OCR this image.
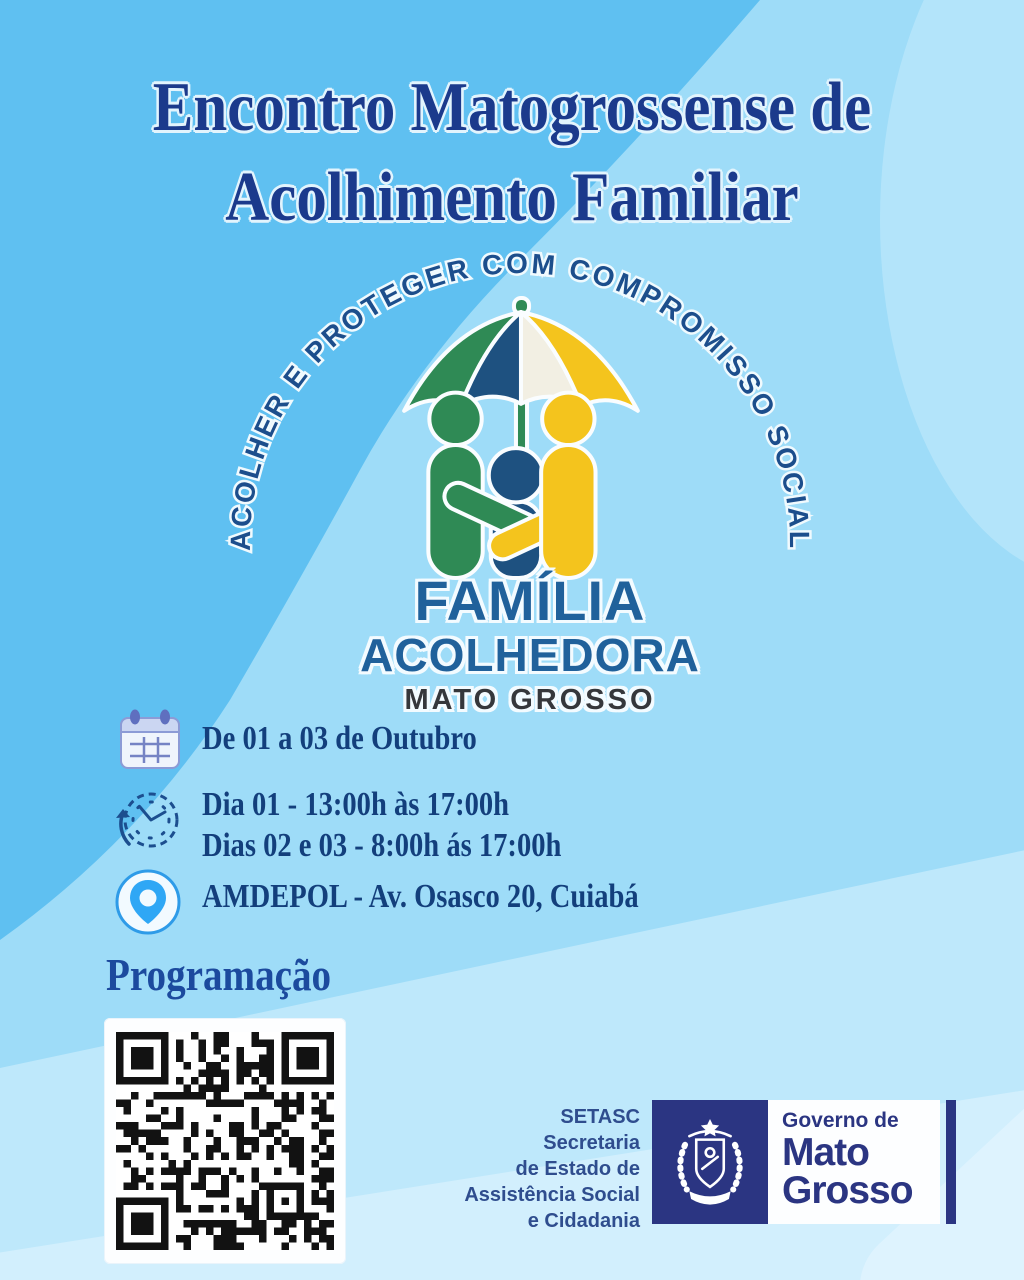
Encontro Matogrossense de
Acolhimento Familiar
ACOLHER E PROTEGER COM COMPROMISSO SOCIAL
FAMÍLIA
ACOLHEDORA
MATO GROSSO
De 01 a 03 de Outubro
Dia 01 - 13:00h às 17:00h
Dias 02 e 03 - 8:00h ás 17:00h
AMDEPOL - Av. Osasco 20, Cuiabá
Programação
SETASC
Secretaria
de Estado de
Assistência Social
e Cidadania
Governo de
Mato
Grosso
